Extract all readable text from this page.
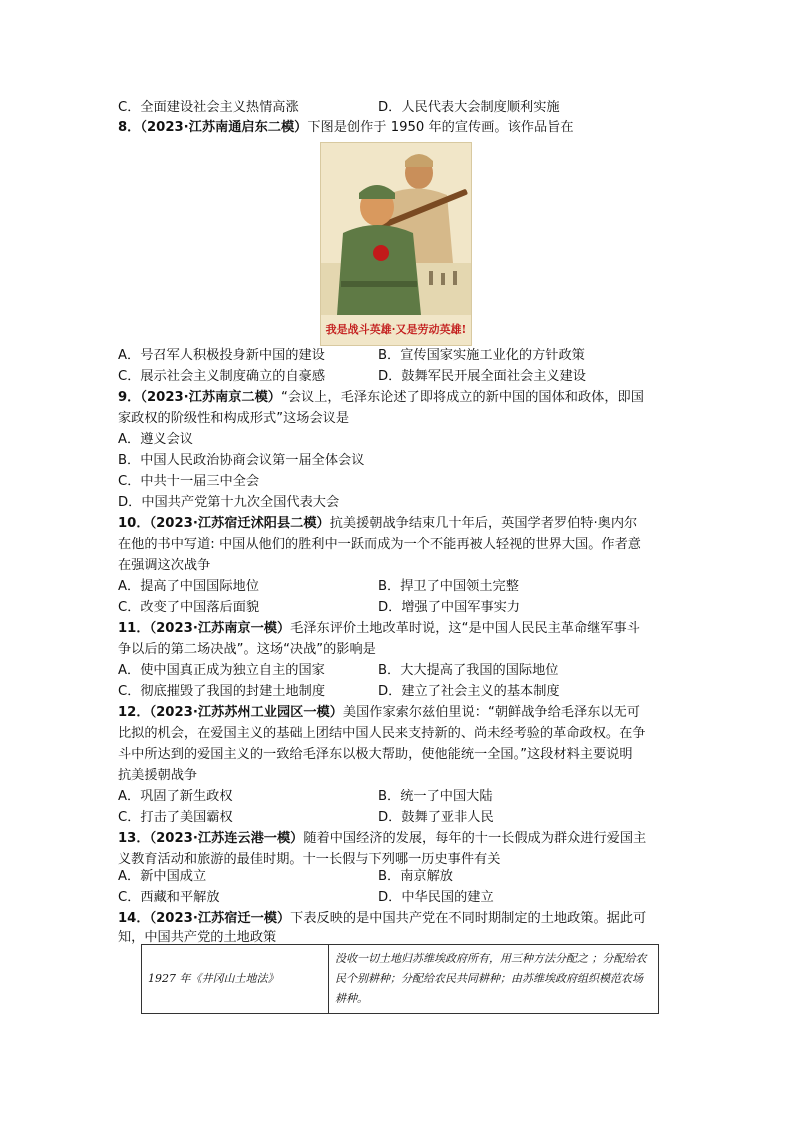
C．全面建设社会主义热情高涨	D．人民代表大会制度顺利实施
8．（2023·江苏南通启东二模）下图是创作于 1950 年的宣传画。该作品旨在
我是战斗英雄·又是劳动英雄!
A．号召军人积极投身新中国的建设	B．宣传国家实施工业化的方针政策
C．展示社会主义制度确立的自豪感	D．鼓舞军民开展全面社会主义建设
9．（2023·江苏南京二模）“会议上，毛泽东论述了即将成立的新中国的国体和政体，即国
家政权的阶级性和构成形式”这场会议是
A．遵义会议
B．中国人民政治协商会议第一届全体会议
C．中共十一届三中全会
D．中国共产党第十九次全国代表大会
10．（2023·江苏宿迁沭阳县二模）抗美援朝战争结束几十年后，英国学者罗伯特·奥内尔
在他的书中写道: 中国从他们的胜利中一跃而成为一个不能再被人轻视的世界大国。作者意
在强调这次战争
A．提高了中国国际地位	B．捍卫了中国领土完整
C．改变了中国落后面貌	D．增强了中国军事实力
11．（2023·江苏南京一模）毛泽东评价土地改革时说，这“是中国人民民主革命继军事斗
争以后的第二场决战”。这场“决战”的影响是
A．使中国真正成为独立自主的国家	B．大大提高了我国的国际地位
C．彻底摧毁了我国的封建土地制度	D．建立了社会主义的基本制度
12．（2023·江苏苏州工业园区一模）美国作家索尔兹伯里说：“朝鲜战争给毛泽东以无可
比拟的机会，在爱国主义的基础上团结中国人民来支持新的、尚未经考验的革命政权。在争
斗中所达到的爱国主义的一致给毛泽东以极大帮助，使他能统一全国。”这段材料主要说明
抗美援朝战争
A．巩固了新生政权	B．统一了中国大陆
C．打击了美国霸权	D．鼓舞了亚非人民
13．（2023·江苏连云港一模）随着中国经济的发展，每年的十一长假成为群众进行爱国主
义教育活动和旅游的最佳时期。十一长假与下列哪一历史事件有关
A．新中国成立	B．南京解放
C．西藏和平解放	D．中华民国的建立
14．（2023·江苏宿迁一模）下表反映的是中国共产党在不同时期制定的土地政策。据此可
知，中国共产党的土地政策
1927 年《井冈山土地法》	没收一切土地归苏维埃政府所有，用三种方法分配之 ；分配给农民个别耕种；分配给农民共同耕种；由苏维埃政府组织模范农场耕种。
